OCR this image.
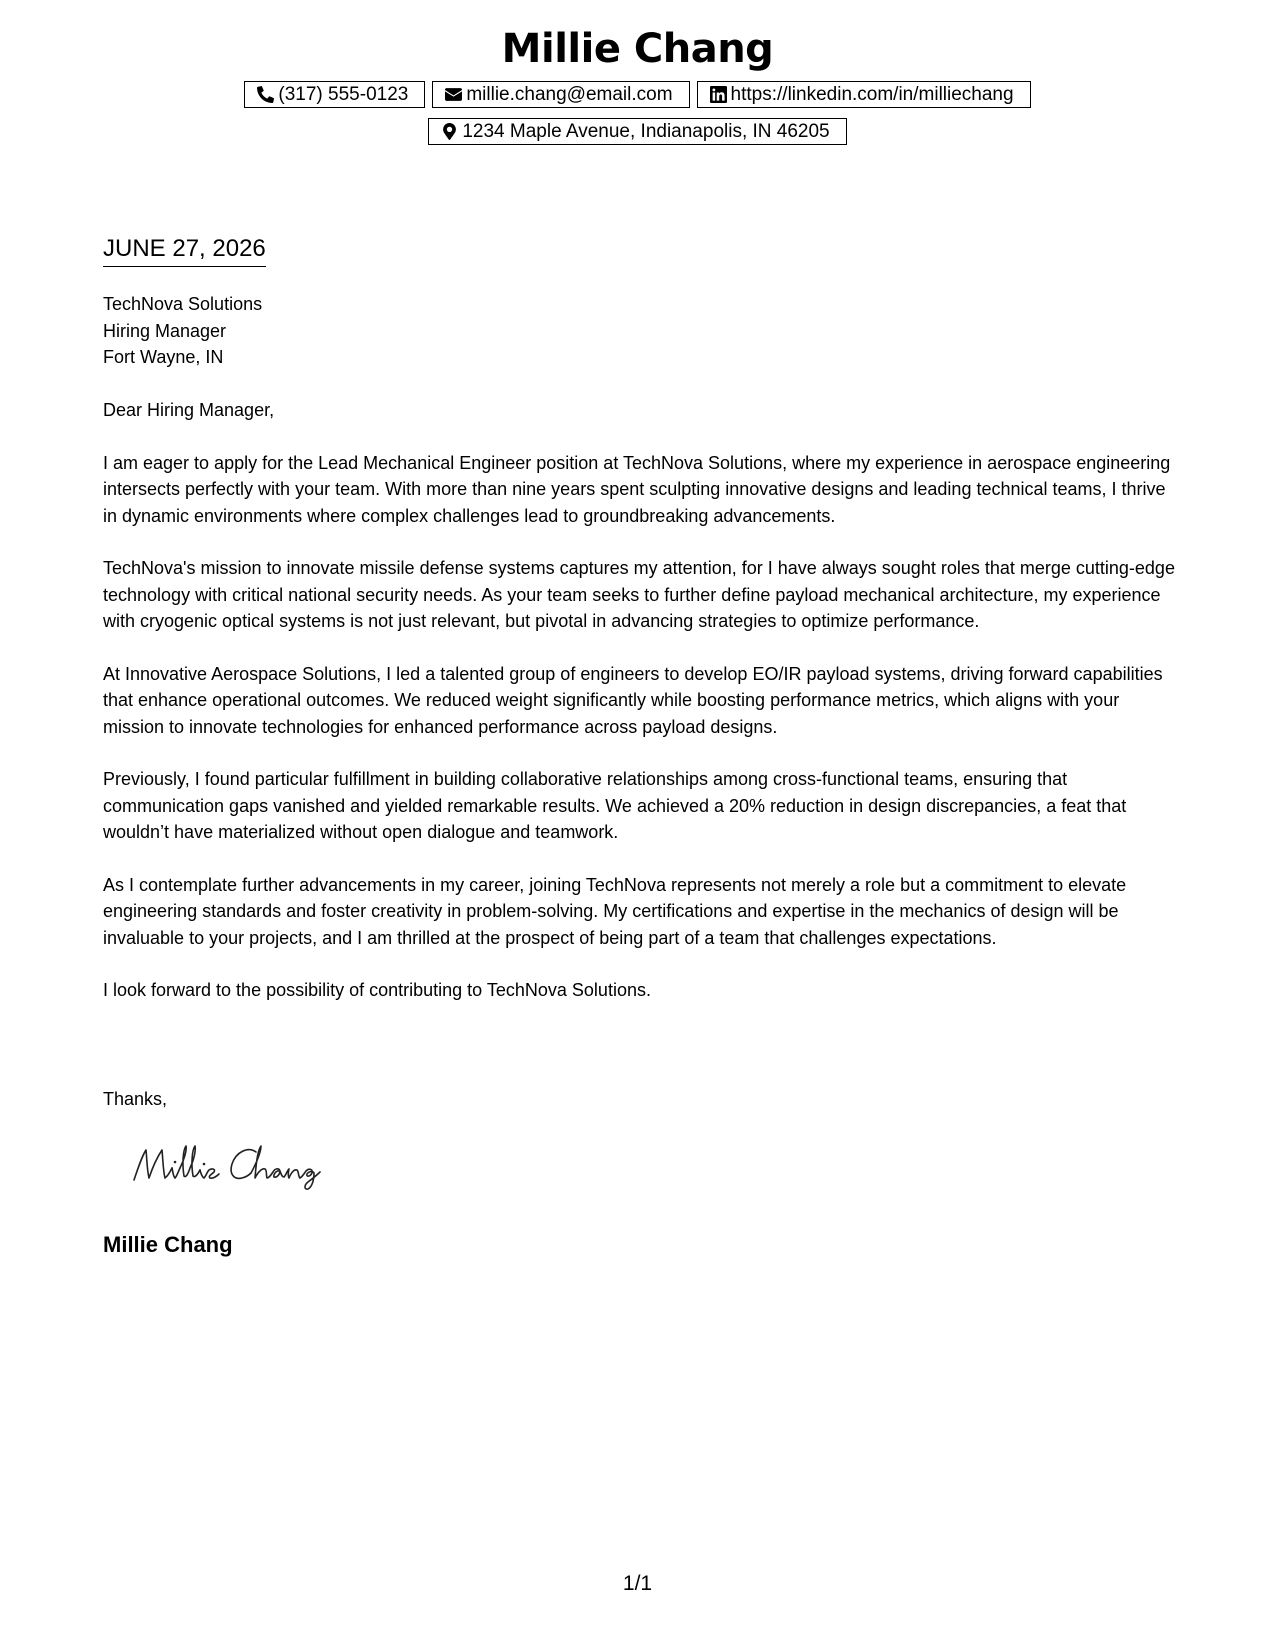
Millie Chang
(317) 555-0123	millie.chang@email.com	https://linkedin.com/in/milliechang
1234 Maple Avenue, Indianapolis, IN 46205
JUNE 27, 2026
TechNova Solutions
Hiring Manager
Fort Wayne, IN

Dear Hiring Manager,

I am eager to apply for the Lead Mechanical Engineer position at TechNova Solutions, where my experience in aerospace engineering intersects perfectly with your team. With more than nine years spent sculpting innovative designs and leading technical teams, I thrive in dynamic environments where complex challenges lead to groundbreaking advancements.

TechNova's mission to innovate missile defense systems captures my attention, for I have always sought roles that merge cutting-edge technology with critical national security needs. As your team seeks to further define payload mechanical architecture, my experience with cryogenic optical systems is not just relevant, but pivotal in advancing strategies to optimize performance.

At Innovative Aerospace Solutions, I led a talented group of engineers to develop EO/IR payload systems, driving forward capabilities that enhance operational outcomes. We reduced weight significantly while boosting performance metrics, which aligns with your mission to innovate technologies for enhanced performance across payload designs.

Previously, I found particular fulfillment in building collaborative relationships among cross-functional teams, ensuring that communication gaps vanished and yielded remarkable results. We achieved a 20% reduction in design discrepancies, a feat that wouldn’t have materialized without open dialogue and teamwork.

As I contemplate further advancements in my career, joining TechNova represents not merely a role but a commitment to elevate engineering standards and foster creativity in problem-solving. My certifications and expertise in the mechanics of design will be invaluable to your projects, and I am thrilled at the prospect of being part of a team that challenges expectations.

I look forward to the possibility of contributing to TechNova Solutions.

Thanks,
Millie Chang
1/1
